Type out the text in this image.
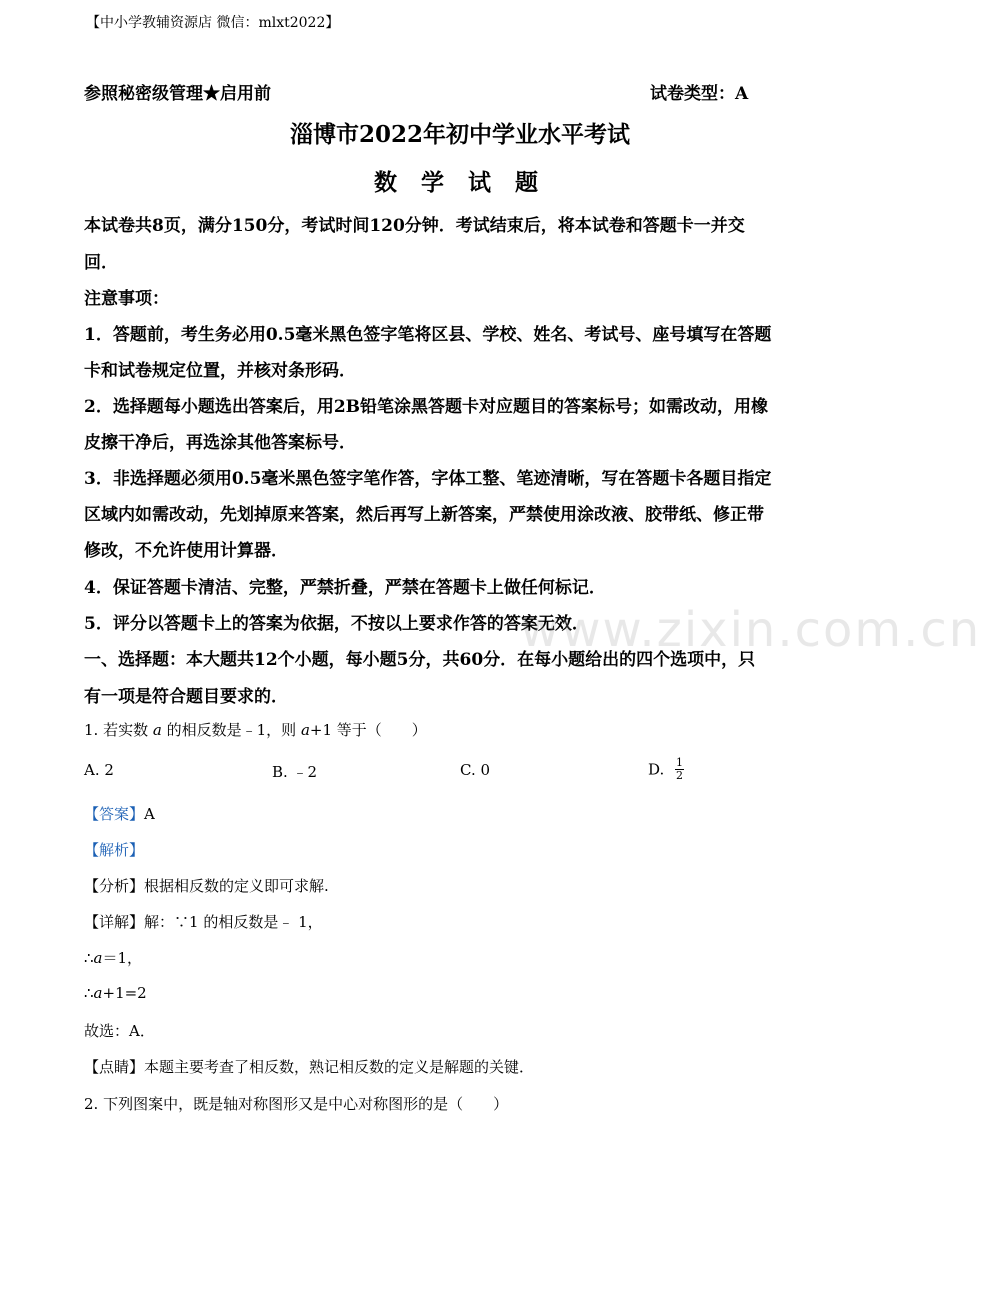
【中小学教辅资源店 微信：mlxt2022】
参照秘密级管理★启用前	试卷类型：A
淄博市2022年初中学业水平考试
数 学 试 题
本试卷共8页，满分150分，考试时间120分钟．考试结束后，将本试卷和答题卡一并交
回．
注意事项：
1．答题前，考生务必用0.5毫米黑色签字笔将区县、学校、姓名、考试号、座号填写在答题
卡和试卷规定位置，并核对条形码．
2．选择题每小题选出答案后，用2B铅笔涂黑答题卡对应题目的答案标号；如需改动，用橡
皮擦干净后，再选涂其他答案标号．
3．非选择题必须用0.5毫米黑色签字笔作答，字体工整、笔迹清晰，写在答题卡各题目指定
区域内如需改动，先划掉原来答案，然后再写上新答案，严禁使用涂改液、胶带纸、修正带
修改，不允许使用计算器．
4．保证答题卡清洁、完整，严禁折叠，严禁在答题卡上做任何标记．
5．评分以答题卡上的答案为依据，不按以上要求作答的答案无效．
www.zixin.com.cn
一、选择题：本大题共12个小题，每小题5分，共60分．在每小题给出的四个选项中，只
有一项是符合题目要求的．
1. 若实数 a 的相反数是﹣1，则 a+1 等于（　　）
A. 2	B. ﹣2	C. 0	D. $\frac{1}{2}$
【答案】A
【解析】
【分析】根据相反数的定义即可求解.
【详解】解：∵1 的相反数是﹣ 1，
∴a＝1，
∴a+1=2
故选：A．
【点睛】本题主要考查了相反数，熟记相反数的定义是解题的关键．
2. 下列图案中，既是轴对称图形又是中心对称图形的是（　　）
